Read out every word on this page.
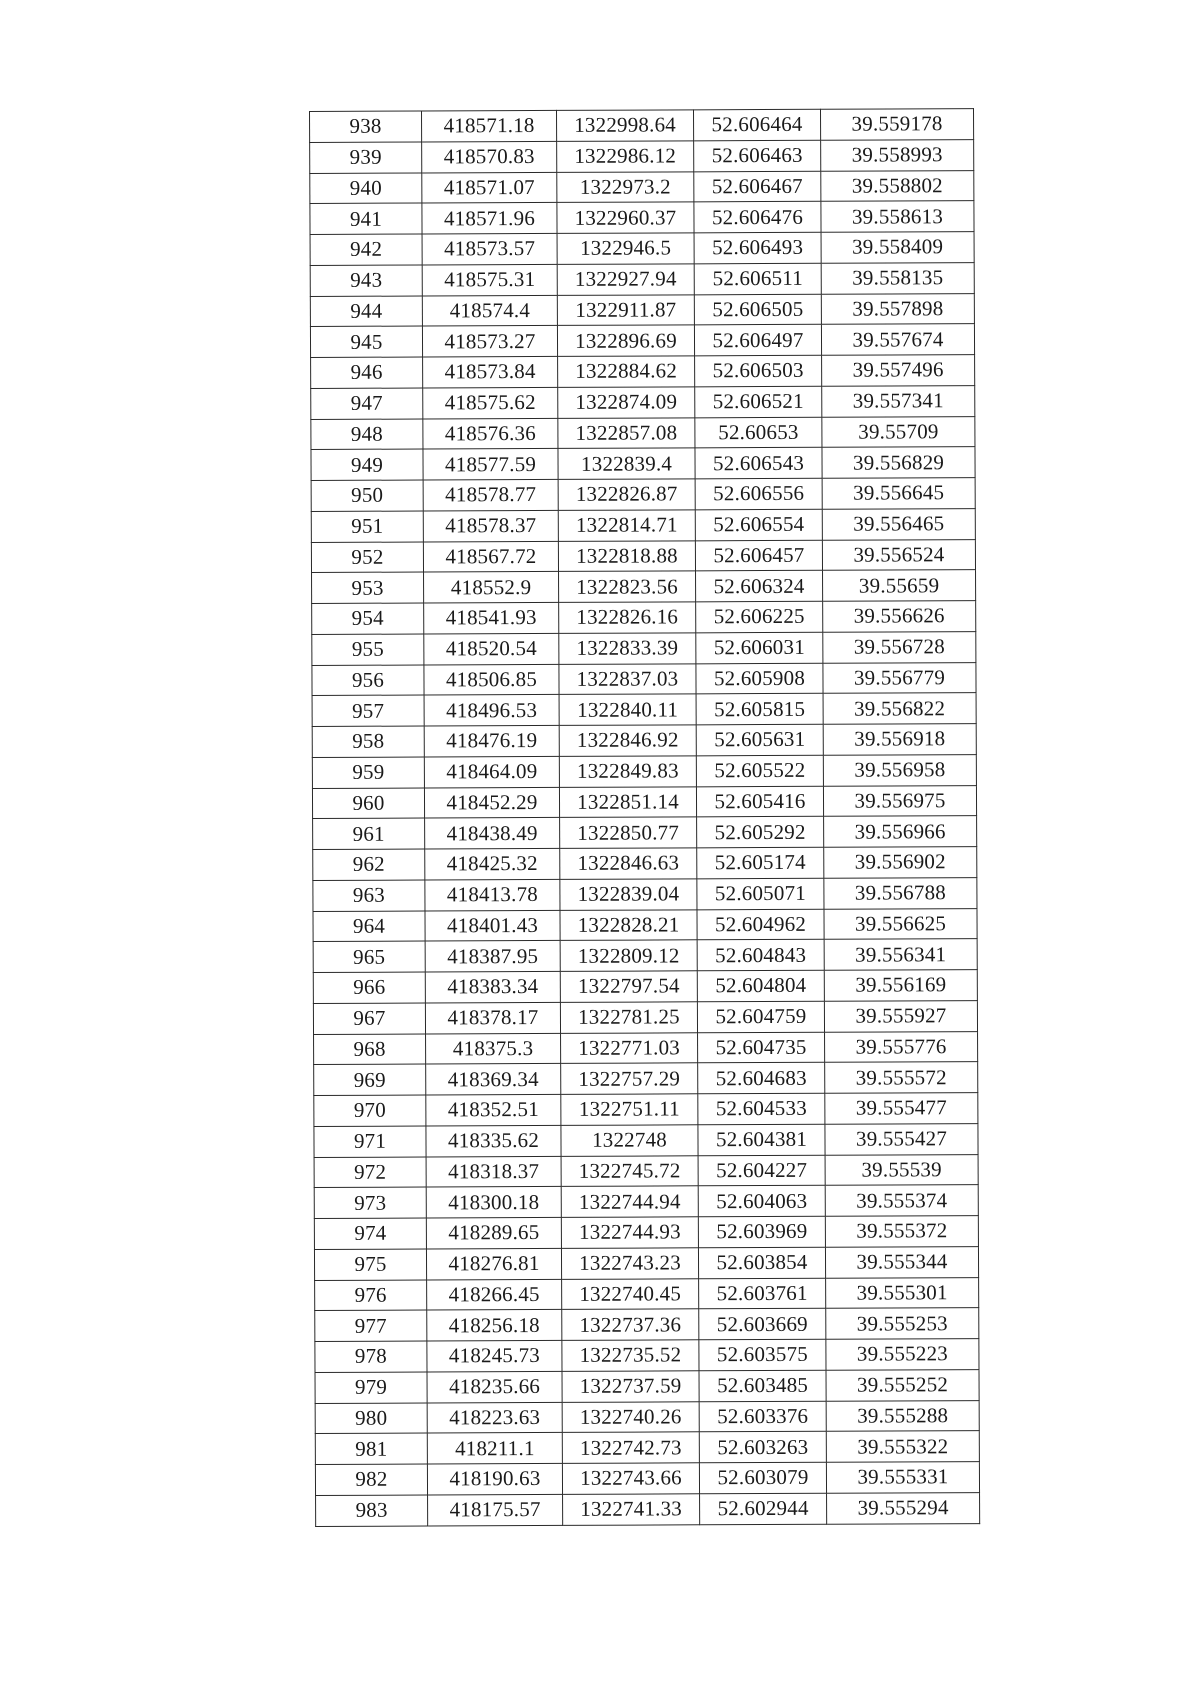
938	418571.18	1322998.64	52.606464	39.559178
939	418570.83	1322986.12	52.606463	39.558993
940	418571.07	1322973.2	52.606467	39.558802
941	418571.96	1322960.37	52.606476	39.558613
942	418573.57	1322946.5	52.606493	39.558409
943	418575.31	1322927.94	52.606511	39.558135
944	418574.4	1322911.87	52.606505	39.557898
945	418573.27	1322896.69	52.606497	39.557674
946	418573.84	1322884.62	52.606503	39.557496
947	418575.62	1322874.09	52.606521	39.557341
948	418576.36	1322857.08	52.60653	39.55709
949	418577.59	1322839.4	52.606543	39.556829
950	418578.77	1322826.87	52.606556	39.556645
951	418578.37	1322814.71	52.606554	39.556465
952	418567.72	1322818.88	52.606457	39.556524
953	418552.9	1322823.56	52.606324	39.55659
954	418541.93	1322826.16	52.606225	39.556626
955	418520.54	1322833.39	52.606031	39.556728
956	418506.85	1322837.03	52.605908	39.556779
957	418496.53	1322840.11	52.605815	39.556822
958	418476.19	1322846.92	52.605631	39.556918
959	418464.09	1322849.83	52.605522	39.556958
960	418452.29	1322851.14	52.605416	39.556975
961	418438.49	1322850.77	52.605292	39.556966
962	418425.32	1322846.63	52.605174	39.556902
963	418413.78	1322839.04	52.605071	39.556788
964	418401.43	1322828.21	52.604962	39.556625
965	418387.95	1322809.12	52.604843	39.556341
966	418383.34	1322797.54	52.604804	39.556169
967	418378.17	1322781.25	52.604759	39.555927
968	418375.3	1322771.03	52.604735	39.555776
969	418369.34	1322757.29	52.604683	39.555572
970	418352.51	1322751.11	52.604533	39.555477
971	418335.62	1322748	52.604381	39.555427
972	418318.37	1322745.72	52.604227	39.55539
973	418300.18	1322744.94	52.604063	39.555374
974	418289.65	1322744.93	52.603969	39.555372
975	418276.81	1322743.23	52.603854	39.555344
976	418266.45	1322740.45	52.603761	39.555301
977	418256.18	1322737.36	52.603669	39.555253
978	418245.73	1322735.52	52.603575	39.555223
979	418235.66	1322737.59	52.603485	39.555252
980	418223.63	1322740.26	52.603376	39.555288
981	418211.1	1322742.73	52.603263	39.555322
982	418190.63	1322743.66	52.603079	39.555331
983	418175.57	1322741.33	52.602944	39.555294
